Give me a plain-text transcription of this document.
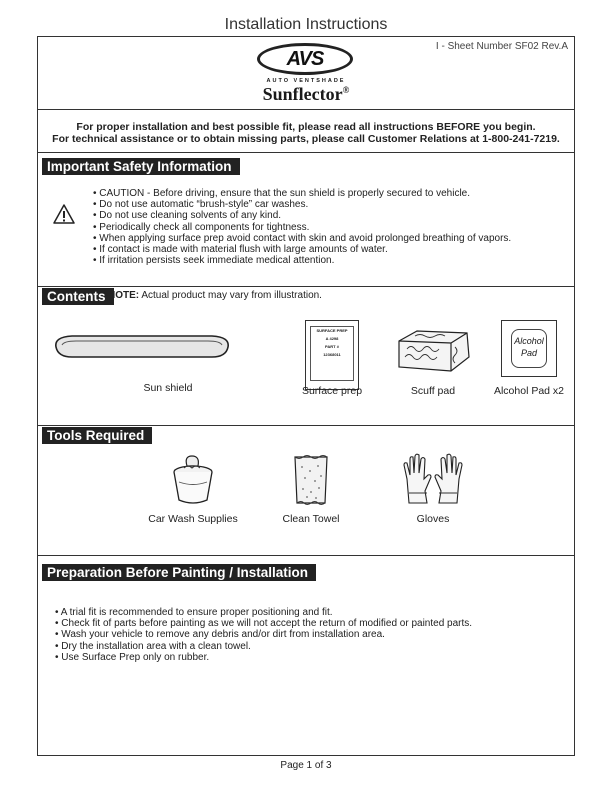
Installation Instructions
I - Sheet Number SF02 Rev.A
AVS
AUTO VENTSHADE
Sunflector®
For proper installation and best possible fit, please read all instructions BEFORE you begin.
For technical assistance or to obtain missing parts, please call Customer Relations at 1-800-241-7219.
Important Safety Information
• CAUTION - Before driving, ensure that the sun shield is properly secured to vehicle.
• Do not use automatic “brush-style” car washes.
• Do not use cleaning solvents of any kind.
• Periodically check all components for tightness.
• When applying surface prep avoid contact with skin and avoid prolonged breathing of vapors.
• If contact is made with material flush with large amounts of water.
• If irritation persists seek immediate medical attention.
Contents NOTE: Actual product may vary from illustration.
Sun shield
SURFACE PREP
A 4298
PART #
12368011
Surface prep	Scuff pad
Alcohol
Pad
Alcohol Pad x2
Tools Required
Car Wash Supplies	Clean Towel	Gloves
Preparation Before Painting / Installation
• A trial fit is recommended to ensure proper positioning and fit.
• Check fit of parts before painting as we will not accept the return of modified or painted parts.
• Wash your vehicle to remove any debris and/or dirt from installation area.
• Dry the installation area with a clean towel.
• Use Surface Prep only on rubber.
Page 1 of 3
